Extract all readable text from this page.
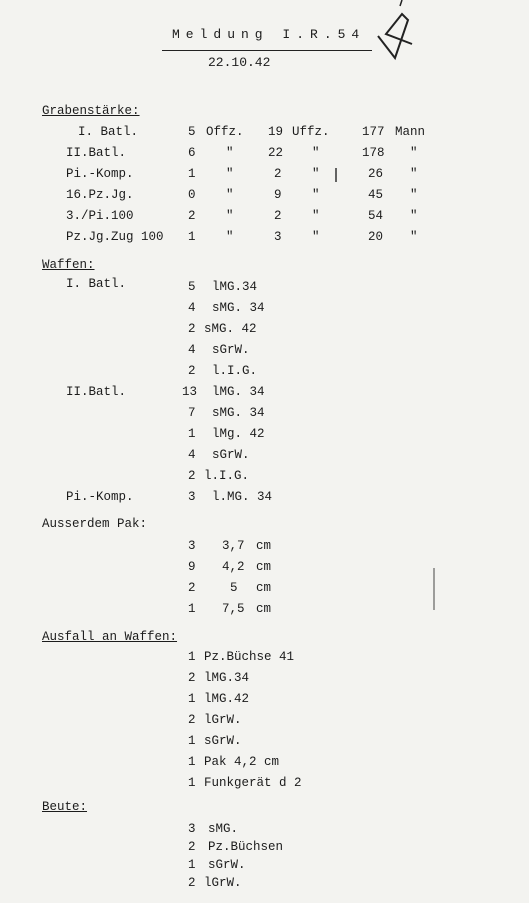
Meldung I.R.54
22.10.42
Grabenstärke:
I. Batl.	5 Offz. 19 Uffz.	177 Mann
II.Batl.	6 "	22 "	178 "
Pi.-Komp.	1 "	2 "	26 "
16.Pz.Jg.	0 "	9 "	45 "
3./Pi.100	2 "	2 "	54 "
Pz.Jg.Zug 100 1 "	3 "	20 "
Waffen:
I. Batl.	5 lMG.34
4 sMG. 34
2 sMG. 42
4 sGrW.
2 l.I.G.
II.Batl.	13 lMG. 34
7 sMG. 34
1 lMg. 42
4 sGrW.
2 l.I.G.
Pi.-Komp.	3 l.MG. 34
Ausserdem Pak:
3 3,7 cm
9 4,2 cm
2	5 cm
1 7,5 cm
Ausfall an Waffen:
1 Pz.Büchse 41
2 lMG.34
1 lMG.42
2 lGrW.
1 sGrW.
1 Pak 4,2 cm
1 Funkgerät d 2
Beute:
3 sMG.
2 Pz.Büchsen
1 sGrW.
2 lGrW.
